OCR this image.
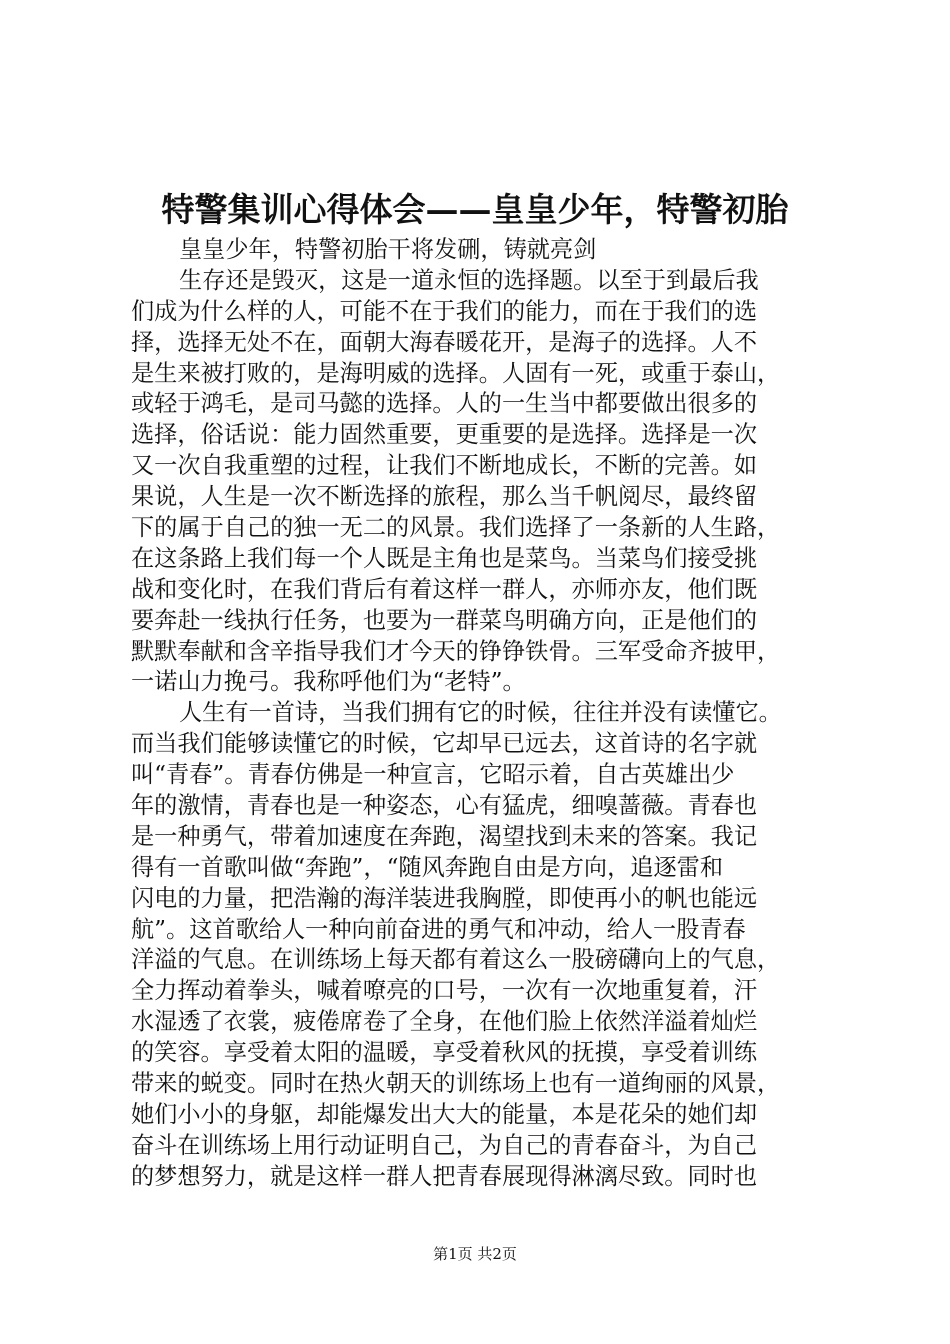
特警集训心得体会——皇皇少年，特警初胎
皇皇少年，特警初胎干将发硎，铸就亮剑
生存还是毁灭，这是一道永恒的选择题。以至于到最后我
们成为什么样的人，可能不在于我们的能力，而在于我们的选
择，选择无处不在，面朝大海春暖花开，是海子的选择。人不
是生来被打败的，是海明威的选择。人固有一死，或重于泰山，
或轻于鸿毛，是司马懿的选择。人的一生当中都要做出很多的
选择，俗话说：能力固然重要，更重要的是选择。选择是一次
又一次自我重塑的过程，让我们不断地成长，不断的完善。如
果说，人生是一次不断选择的旅程，那么当千帆阅尽，最终留
下的属于自己的独一无二的风景。我们选择了一条新的人生路，
在这条路上我们每一个人既是主角也是菜鸟。当菜鸟们接受挑
战和变化时，在我们背后有着这样一群人，亦师亦友，他们既
要奔赴一线执行任务，也要为一群菜鸟明确方向，正是他们的
默默奉献和含辛指导我们才今天的铮铮铁骨。三军受命齐披甲，
一诺山力挽弓。我称呼他们为“老特”。
人生有一首诗，当我们拥有它的时候，往往并没有读懂它。
而当我们能够读懂它的时候，它却早已远去，这首诗的名字就
叫“青春”。青春仿佛是一种宣言，它昭示着，自古英雄出少
年的激情，青春也是一种姿态，心有猛虎，细嗅蔷薇。青春也
是一种勇气，带着加速度在奔跑，渴望找到未来的答案。我记
得有一首歌叫做“奔跑”，“随风奔跑自由是方向，追逐雷和
闪电的力量，把浩瀚的海洋装进我胸膛，即使再小的帆也能远
航”。这首歌给人一种向前奋进的勇气和冲动，给人一股青春
洋溢的气息。在训练场上每天都有着这么一股磅礴向上的气息，
全力挥动着拳头，喊着嘹亮的口号，一次有一次地重复着，汗
水湿透了衣裳，疲倦席卷了全身，在他们脸上依然洋溢着灿烂
的笑容。享受着太阳的温暖，享受着秋风的抚摸，享受着训练
带来的蜕变。同时在热火朝天的训练场上也有一道绚丽的风景，
她们小小的身躯，却能爆发出大大的能量，本是花朵的她们却
奋斗在训练场上用行动证明自己，为自己的青春奋斗，为自己
的梦想努力，就是这样一群人把青春展现得淋漓尽致。同时也
第1页 共2页
